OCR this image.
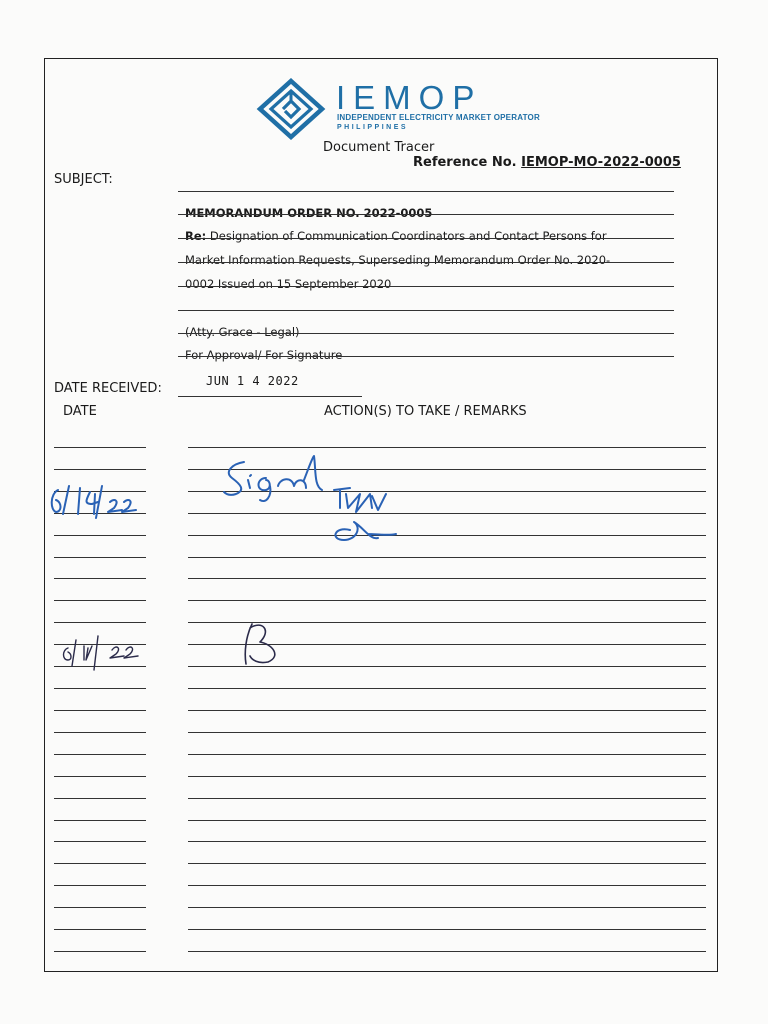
IEMOP

INDEPENDENT ELECTRICITY MARKET OPERATOR

PHILIPPINES

Document Tracer

Reference No. IEMOP-MO-2022-0005

SUBJECT:

MEMORANDUM ORDER NO. 2022-0005

Re: Designation of Communication Coordinators and Contact Persons for

Market Information Requests, Superseding Memorandum Order No. 2020-

0002 Issued on 15 September 2020

(Atty. Grace - Legal)

For Approval/ For Signature

DATE RECEIVED:	JUN 1 4 2022

DATE	ACTION(S) TO TAKE / REMARKS
